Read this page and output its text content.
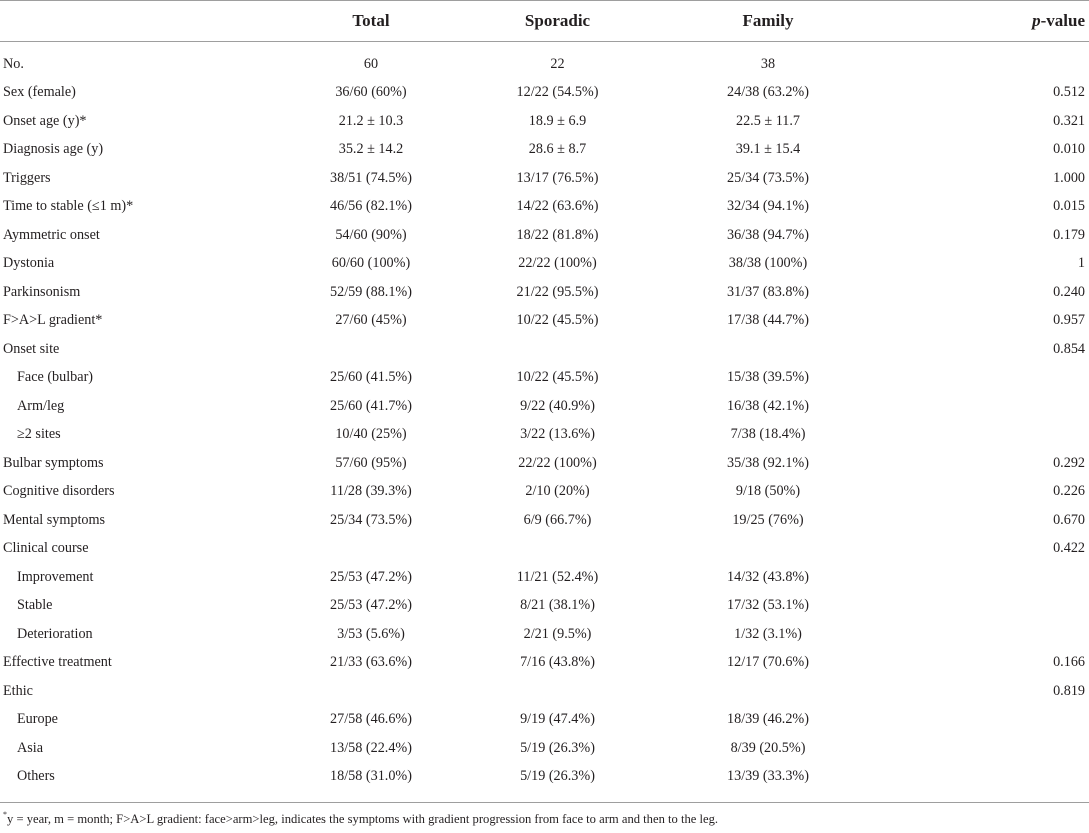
	Total	Sporadic	Family	p-value
No.	60	22	38	
Sex (female)	36/60 (60%)	12/22 (54.5%)	24/38 (63.2%)	0.512
Onset age (y)*	21.2 ± 10.3	18.9 ± 6.9	22.5 ± 11.7	0.321
Diagnosis age (y)	35.2 ± 14.2	28.6 ± 8.7	39.1 ± 15.4	0.010
Triggers	38/51 (74.5%)	13/17 (76.5%)	25/34 (73.5%)	1.000
Time to stable (≤1 m)*	46/56 (82.1%)	14/22 (63.6%)	32/34 (94.1%)	0.015
Aymmetric onset	54/60 (90%)	18/22 (81.8%)	36/38 (94.7%)	0.179
Dystonia	60/60 (100%)	22/22 (100%)	38/38 (100%)	1
Parkinsonism	52/59 (88.1%)	21/22 (95.5%)	31/37 (83.8%)	0.240
F>A>L gradient*	27/60 (45%)	10/22 (45.5%)	17/38 (44.7%)	0.957
Onset site				0.854
Face (bulbar)	25/60 (41.5%)	10/22 (45.5%)	15/38 (39.5%)	
Arm/leg	25/60 (41.7%)	9/22 (40.9%)	16/38 (42.1%)	
≥2 sites	10/40 (25%)	3/22 (13.6%)	7/38 (18.4%)	
Bulbar symptoms	57/60 (95%)	22/22 (100%)	35/38 (92.1%)	0.292
Cognitive disorders	11/28 (39.3%)	2/10 (20%)	9/18 (50%)	0.226
Mental symptoms	25/34 (73.5%)	6/9 (66.7%)	19/25 (76%)	0.670
Clinical course				0.422
Improvement	25/53 (47.2%)	11/21 (52.4%)	14/32 (43.8%)	
Stable	25/53 (47.2%)	8/21 (38.1%)	17/32 (53.1%)	
Deterioration	3/53 (5.6%)	2/21 (9.5%)	1/32 (3.1%)	
Effective treatment	21/33 (63.6%)	7/16 (43.8%)	12/17 (70.6%)	0.166
Ethic				0.819
Europe	27/58 (46.6%)	9/19 (47.4%)	18/39 (46.2%)	
Asia	13/58 (22.4%)	5/19 (26.3%)	8/39 (20.5%)	
Others	18/58 (31.0%)	5/19 (26.3%)	13/39 (33.3%)	
*y = year, m = month; F>A>L gradient: face>arm>leg, indicates the symptoms with gradient progression from face to arm and then to the leg.
